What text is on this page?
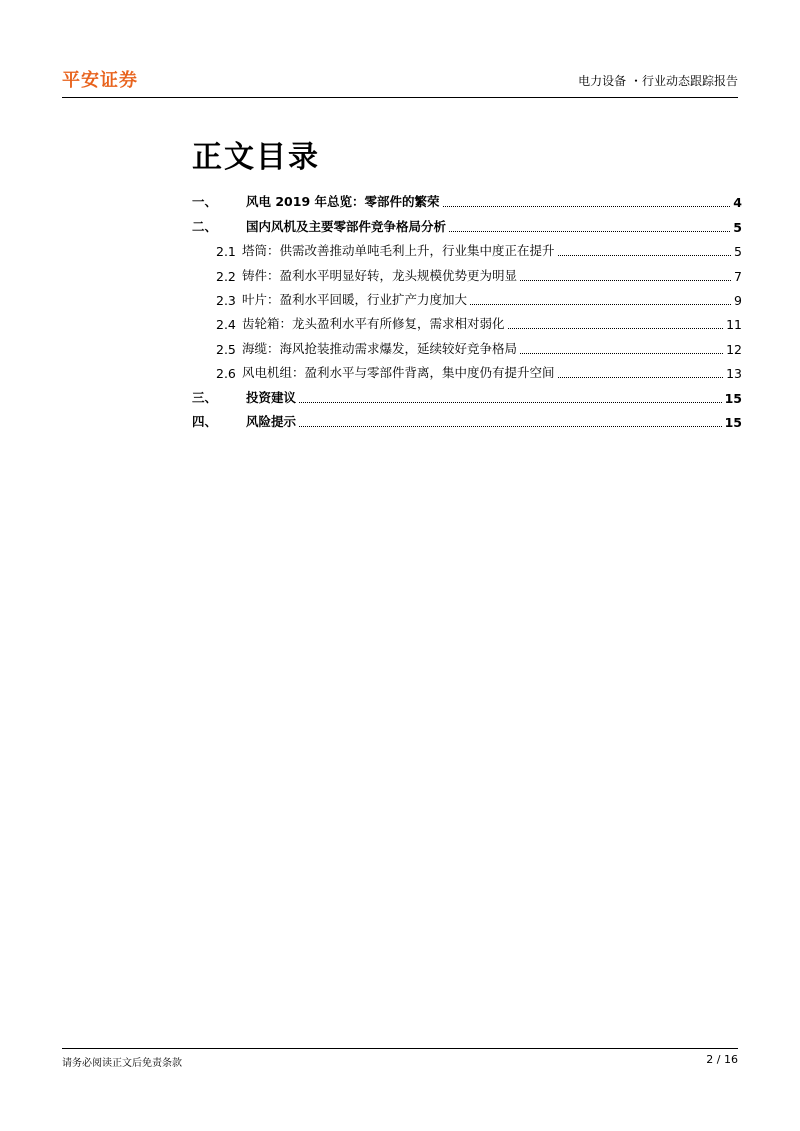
平安证券	电力设备 ・行业动态跟踪报告
正文目录
一、	风电 2019 年总览：零部件的繁荣	4
二、	国内风机及主要零部件竞争格局分析	5
2.1 塔筒：供需改善推动单吨毛利上升，行业集中度正在提升	5
2.2 铸件：盈利水平明显好转，龙头规模优势更为明显	7
2.3 叶片：盈利水平回暖，行业扩产力度加大	9
2.4 齿轮箱：龙头盈利水平有所修复，需求相对弱化	11
2.5 海缆：海风抢装推动需求爆发，延续较好竞争格局	12
2.6 风电机组：盈利水平与零部件背离，集中度仍有提升空间	13
三、	投资建议	15
四、	风险提示	15
请务必阅读正文后免责条款	2 / 16
